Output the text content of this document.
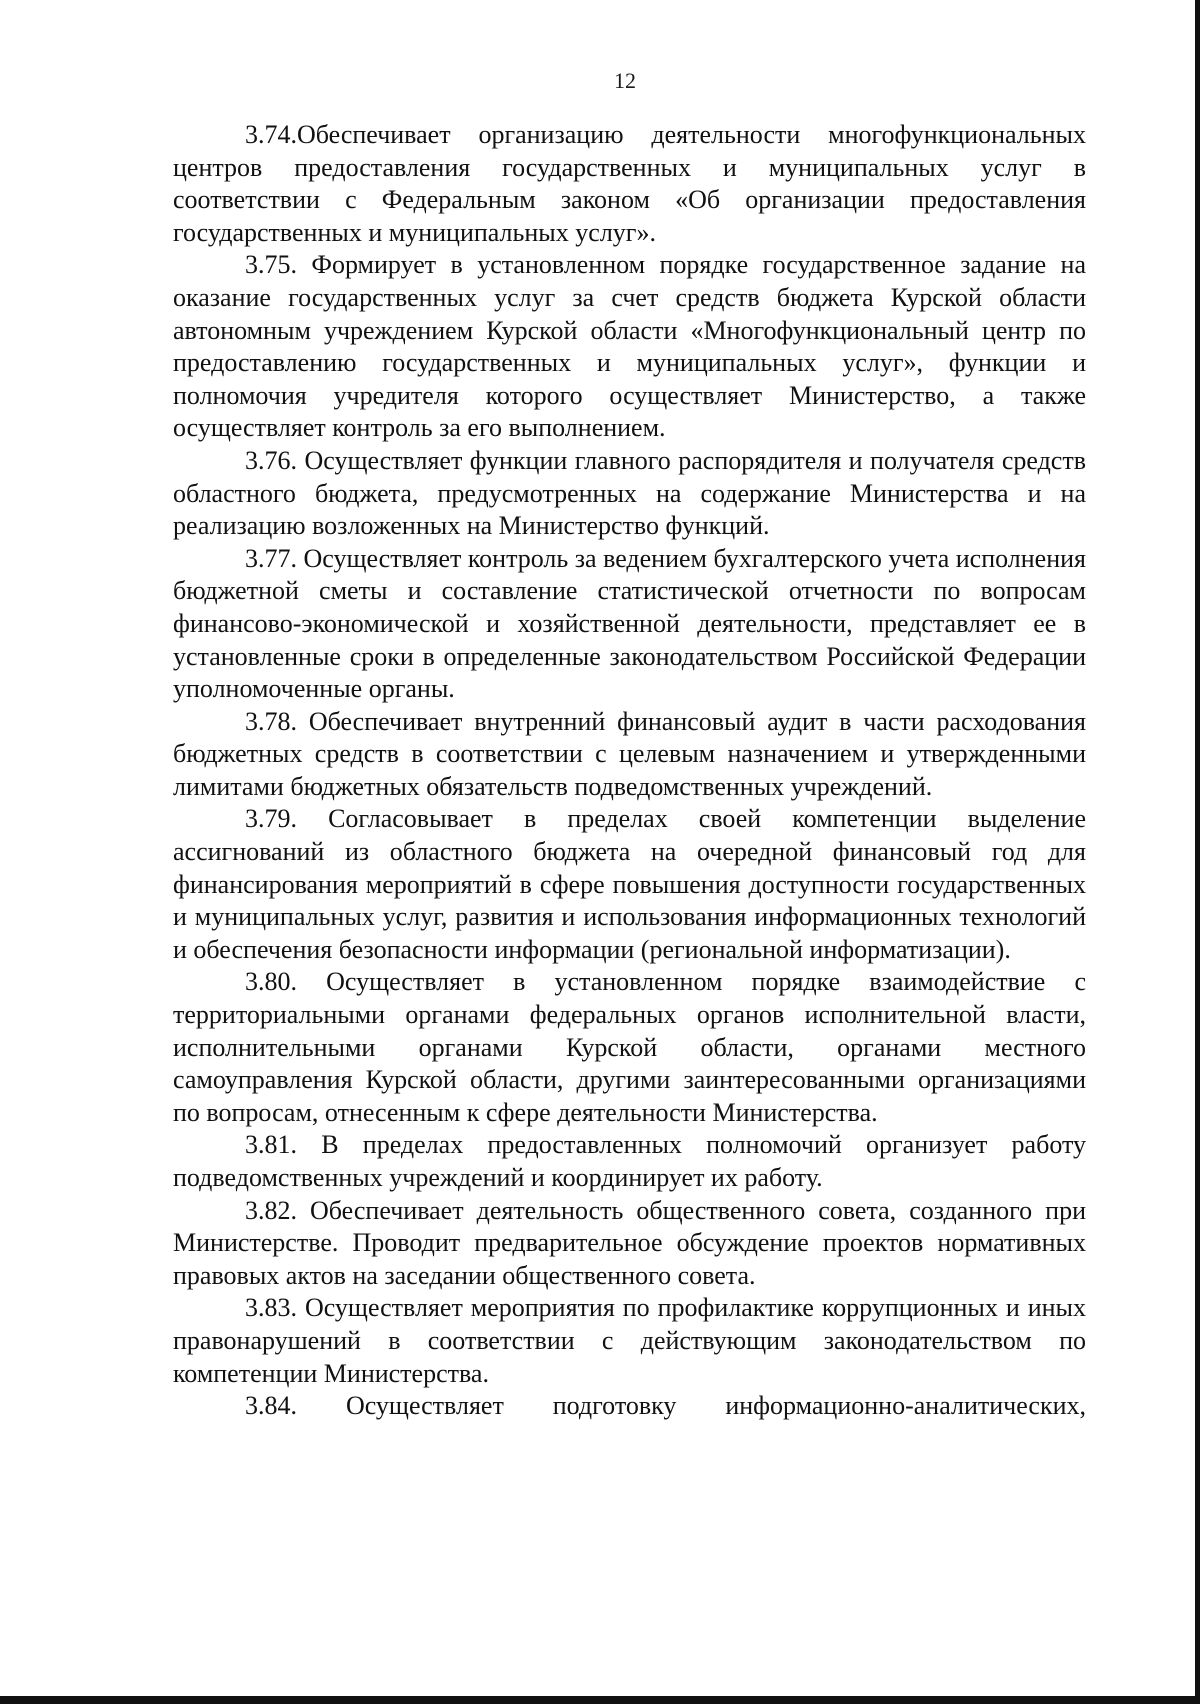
12

3.74.Обеспечивает организацию деятельности многофункциональных центров предоставления государственных и муниципальных услуг в соответствии с Федеральным законом «Об организации предоставления государственных и муниципальных услуг».

3.75. Формирует в установленном порядке государственное задание на оказание государственных услуг за счет средств бюджета Курской области автономным учреждением Курской области «Многофункциональный центр по предоставлению государственных и муниципальных услуг», функции и полномочия учредителя которого осуществляет Министерство, а также осуществляет контроль за его выполнением.

3.76. Осуществляет функции главного распорядителя и получателя средств областного бюджета, предусмотренных на содержание Министерства и на реализацию возложенных на Министерство функций.

3.77. Осуществляет контроль за ведением бухгалтерского учета исполнения бюджетной сметы и составление статистической отчетности по вопросам финансово-экономической и хозяйственной деятельности, представляет ее в установленные сроки в определенные законодательством Российской Федерации уполномоченные органы.

3.78. Обеспечивает внутренний финансовый аудит в части расходования бюджетных средств в соответствии с целевым назначением и утвержденными лимитами бюджетных обязательств подведомственных учреждений.

3.79. Согласовывает в пределах своей компетенции выделение ассигнований из областного бюджета на очередной финансовый год для финансирования мероприятий в сфере повышения доступности государственных и муниципальных услуг, развития и использования информационных технологий и обеспечения безопасности информации (региональной информатизации).

3.80. Осуществляет в установленном порядке взаимодействие с территориальными органами федеральных органов исполнительной власти, исполнительными органами Курской области, органами местного самоуправления Курской области, другими заинтересованными организациями по вопросам, отнесенным к сфере деятельности Министерства.

3.81. В пределах предоставленных полномочий организует работу подведомственных учреждений и координирует их работу.

3.82. Обеспечивает деятельность общественного совета, созданного при Министерстве. Проводит предварительное обсуждение проектов нормативных правовых актов на заседании общественного совета.

3.83. Осуществляет мероприятия по профилактике коррупционных и иных правонарушений в соответствии с действующим законодательством по компетенции Министерства.

3.84. Осуществляет подготовку информационно-аналитических,
